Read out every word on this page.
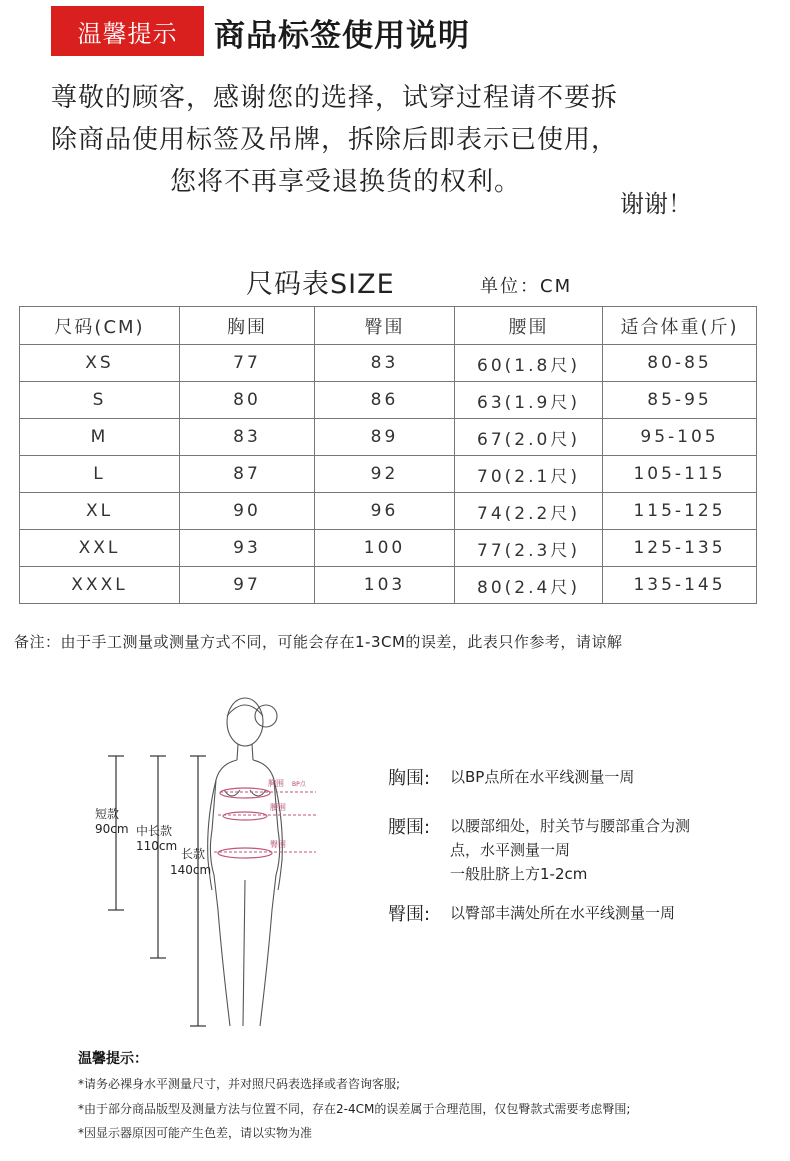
温馨提示	商品标签使用说明
尊敬的顾客，感谢您的选择，试穿过程请不要拆
除商品使用标签及吊牌，拆除后即表示已使用，
您将不再享受退换货的权利。
谢谢！
尺码表SIZE	单位：CM
尺码(CM)	胸围	臀围	腰围	适合体重(斤)
XS	77	83	60(1.8尺)	80-85
S	80	86	63(1.9尺)	85-95
M	83	89	67(2.0尺)	95-105
L	87	92	70(2.1尺)	105-115
XL	90	96	74(2.2尺)	115-125
XXL	93	100	77(2.3尺)	125-135
XXXL	97	103	80(2.4尺)	135-145
备注：由于手工测量或测量方式不同，可能会存在1-3CM的误差，此表只作参考，请谅解
胸围 BP点
腰围
臀围
短款
90cm 中长款
110cm
长款
140cm
胸围: 以BP点所在水平线测量一周
腰围: 以腰部细处，肘关节与腰部重合为测
点，水平测量一周
一般肚脐上方1-2cm
臀围: 以臀部丰满处所在水平线测量一周
温馨提示：
*请务必裸身水平测量尺寸，并对照尺码表选择或者咨询客服;
*由于部分商品版型及测量方法与位置不同，存在2-4CM的误差属于合理范围，仅包臀款式需要考虑臀围;
*因显示器原因可能产生色差，请以实物为准
